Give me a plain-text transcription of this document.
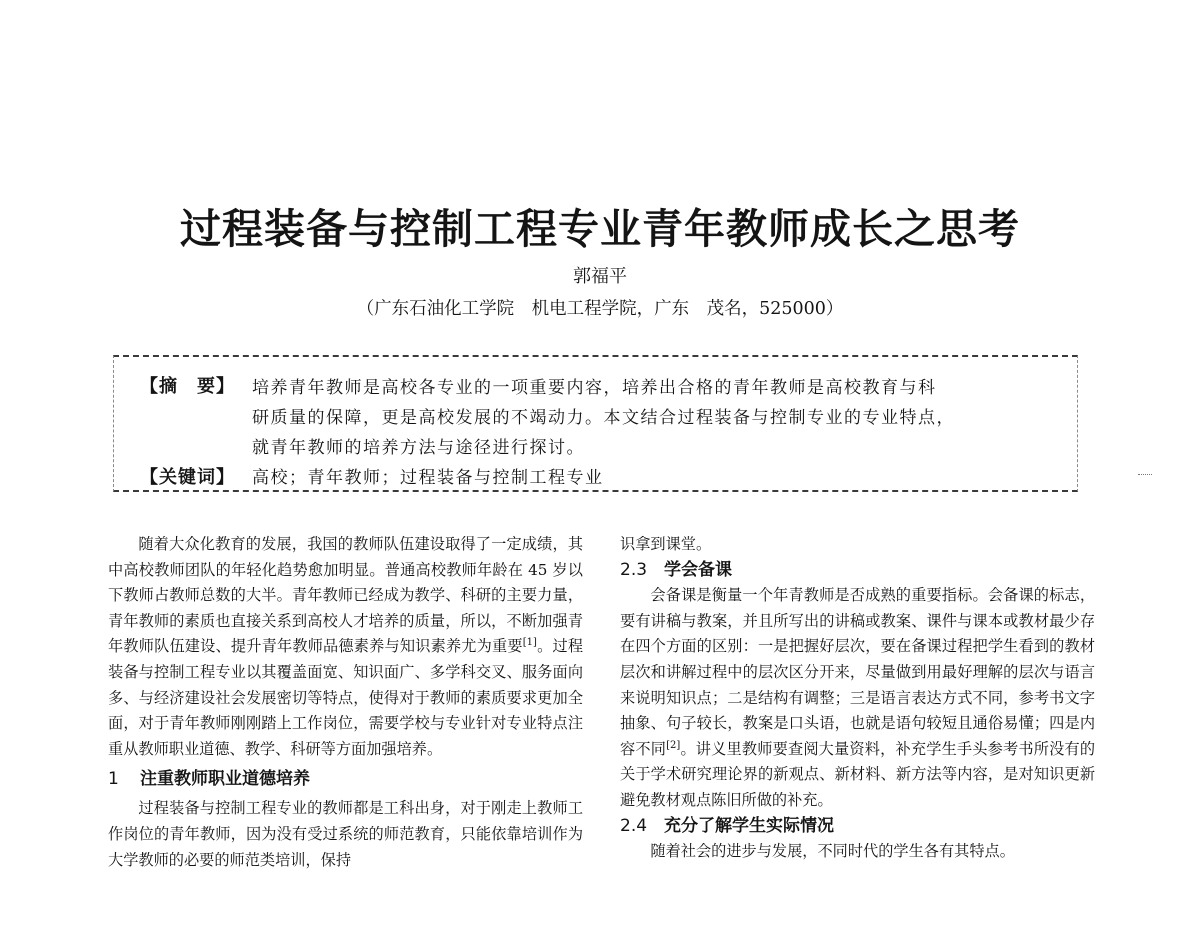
过程装备与控制工程专业青年教师成长之思考
郭福平
（广东石油化工学院　机电工程学院，广东　茂名，525000）
【摘　要】 培养青年教师是高校各专业的一项重要内容，培养出合格的青年教师是高校教育与科
研质量的保障，更是高校发展的不竭动力。本文结合过程装备与控制专业的专业特点，
就青年教师的培养方法与途径进行探讨。
【关键词】 高校；青年教师；过程装备与控制工程专业

随着大众化教育的发展，我国的教师队伍建设取得了一定成绩，其中高校教师团队的年轻化趋势愈加明显。普通高校教师年龄在 45 岁以下教师占教师总数的大半。青年教师已经成为教学、科研的主要力量，青年教师的素质也直接关系到高校人才培养的质量，所以，不断加强青年教师队伍建设、提升青年教师品德素养与知识素养尤为重要[1]。过程装备与控制工程专业以其覆盖面宽、知识面广、多学科交叉、服务面向多、与经济建设社会发展密切等特点，使得对于教师的素质要求更加全面，对于青年教师刚刚踏上工作岗位，需要学校与专业针对专业特点注重从教师职业道德、教学、科研等方面加强培养。

1 注重教师职业道德培养

过程装备与控制工程专业的教师都是工科出身，对于刚走上教师工作岗位的青年教师，因为没有受过系统的师范教育，只能依靠培训作为大学教师的必要的师范类培训，保持

识拿到课堂。

2.3 学会备课

会备课是衡量一个年青教师是否成熟的重要指标。会备课的标志，要有讲稿与教案，并且所写出的讲稿或教案、课件与课本或教材最少存在四个方面的区别：一是把握好层次，要在备课过程把学生看到的教材层次和讲解过程中的层次区分开来，尽量做到用最好理解的层次与语言来说明知识点；二是结构有调整；三是语言表达方式不同，参考书文字抽象、句子较长，教案是口头语，也就是语句较短且通俗易懂；四是内容不同[2]。讲义里教师要查阅大量资料，补充学生手头参考书所没有的关于学术研究理论界的新观点、新材料、新方法等内容，是对知识更新避免教材观点陈旧所做的补充。

2.4 充分了解学生实际情况

随着社会的进步与发展，不同时代的学生各有其特点。
